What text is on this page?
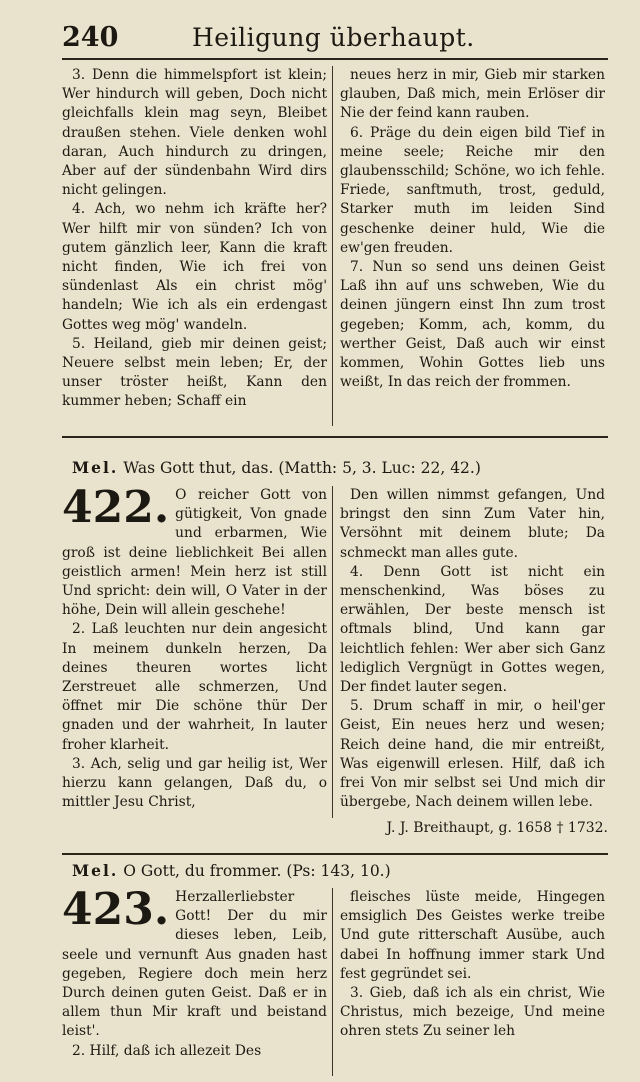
240	Heiligung überhaupt.

3. Denn die himmelspfort ist klein; Wer hindurch will geben, Doch nicht gleichfalls klein mag seyn, Bleibet draußen stehen. Viele denken wohl daran, Auch hindurch zu dringen, Aber auf der sündenbahn Wird dirs nicht gelingen.

4. Ach, wo nehm ich kräfte her? Wer hilft mir von sünden? Ich von gutem gänzlich leer, Kann die kraft nicht finden, Wie ich frei von sündenlast Als ein christ mög' handeln; Wie ich als ein erdengast Gottes weg mög' wandeln.

5. Heiland, gieb mir deinen geist; Neuere selbst mein leben; Er, der unser tröster heißt, Kann den kummer heben; Schaff ein

neues herz in mir, Gieb mir starken glauben, Daß mich, mein Erlöser dir Nie der feind kann rauben.

6. Präge du dein eigen bild Tief in meine seele; Reiche mir den glaubensschild; Schöne, wo ich fehle. Friede, sanftmuth, trost, geduld, Starker muth im leiden Sind geschenke deiner huld, Wie die ew'gen freuden.

7. Nun so send uns deinen Geist Laß ihn auf uns schweben, Wie du deinen jüngern einst Ihn zum trost gegeben; Komm, ach, komm, du werther Geist, Daß auch wir einst kommen, Wohin Gottes lieb uns weißt, In das reich der frommen.

Mel. Was Gott thut, das. (Matth: 5, 3. Luc: 22, 42.)
422. O reicher Gott von gütigkeit, Von gnade und erbarmen, Wie groß ist deine lieblichkeit Bei allen geistlich armen! Mein herz ist still Und spricht: dein will, O Vater in der höhe, Dein will allein geschehe!

2. Laß leuchten nur dein angesicht In meinem dunkeln herzen, Da deines theuren wortes licht Zerstreuet alle schmerzen, Und öffnet mir Die schöne thür Der gnaden und der wahrheit, In lauter froher klarheit.

3. Ach, selig und gar heilig ist, Wer hierzu kann gelangen, Daß du, o mittler Jesu Christ,

Den willen nimmst gefangen, Und bringst den sinn Zum Vater hin, Versöhnt mit deinem blute; Da schmeckt man alles gute.

4. Denn Gott ist nicht ein menschenkind, Was böses zu erwählen, Der beste mensch ist oftmals blind, Und kann gar leichtlich fehlen: Wer aber sich Ganz lediglich Vergnügt in Gottes wegen, Der findet lauter segen.

5. Drum schaff in mir, o heil'ger Geist, Ein neues herz und wesen; Reich deine hand, die mir entreißt, Was eigenwill erlesen. Hilf, daß ich frei Von mir selbst sei Und mich dir übergebe, Nach deinem willen lebe.

J. J. Breithaupt, g. 1658 † 1732.

Mel. O Gott, du frommer. (Ps: 143, 10.)
423. Herzallerliebster Gott! Der du mir dieses leben, Leib, seele und vernunft Aus gnaden hast gegeben, Regiere doch mein herz Durch deinen guten Geist. Daß er in allem thun Mir kraft und beistand leist'.

2. Hilf, daß ich allezeit Des

fleisches lüste meide, Hingegen emsiglich Des Geistes werke treibe Und gute ritterschaft Ausübe, auch dabei In hoffnung immer stark Und fest gegründet sei.

3. Gieb, daß ich als ein christ, Wie Christus, mich bezeige, Und meine ohren stets Zu seiner leh
